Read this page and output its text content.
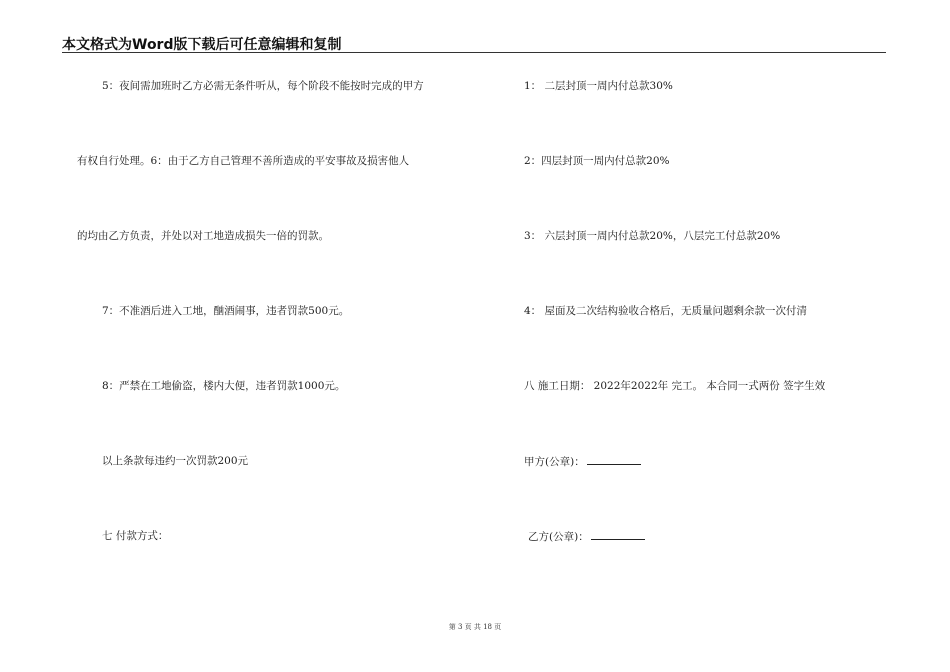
本文格式为Word版下载后可任意编辑和复制
5：夜间需加班时乙方必需无条件听从，每个阶段不能按时完成的甲方
有权自行处理。6：由于乙方自己管理不善所造成的平安事故及损害他人
的均由乙方负责，并处以对工地造成损失一倍的罚款。
7：不准酒后进入工地，酗酒闹事，违者罚款500元。
8：严禁在工地偷盗，楼内大便，违者罚款1000元。
以上条款每违约一次罚款200元
七 付款方式：
1： 二层封顶一周内付总款30%
2：四层封顶一周内付总款20%
3： 六层封顶一周内付总款20%，八层完工付总款20%
4： 屋面及二次结构验收合格后，无质量问题剩余款一次付清
八 施工日期： 2022年2022年 完工。 本合同一式两份 签字生效
甲方(公章)：
乙方(公章)：
第 3 页 共 18 页
